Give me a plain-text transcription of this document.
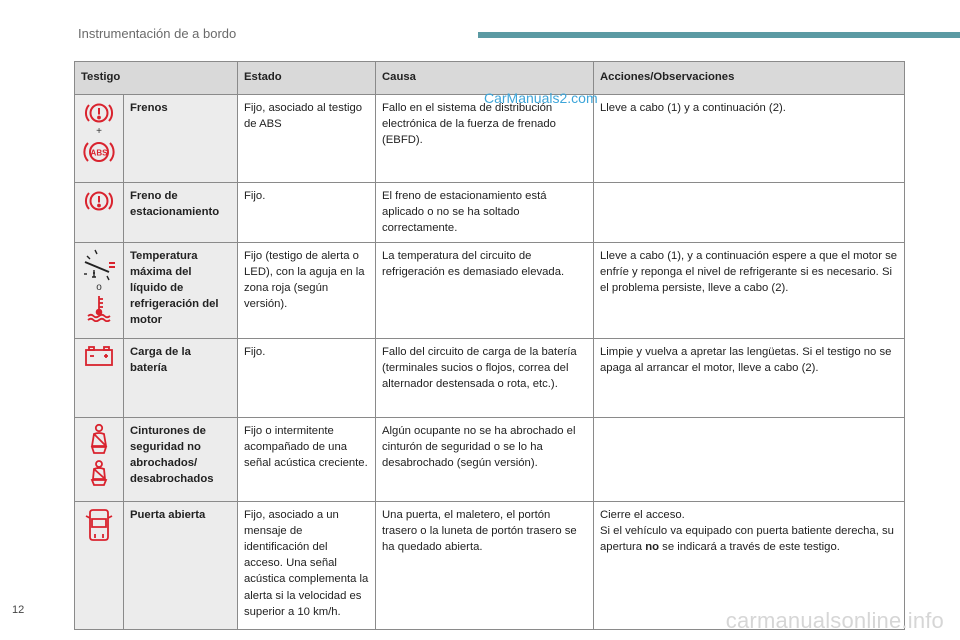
Instrumentación de a bordo
CarManuals2.com
Testigo		Estado	Causa	Acciones/Observaciones

+
ABS	Frenos	Fijo, asociado al testigo de ABS	Fallo en el sistema de distribución electrónica de la fuerza de frenado (EBFD).	Lleve a cabo (1) y a continuación (2).

	Freno de estacionamiento	Fijo.	El freno de estacionamiento está aplicado o no se ha soltado correctamente.	

o	Temperatura máxima del líquido de refrigeración del motor	Fijo (testigo de alerta o LED), con la aguja en la zona roja (según versión).	La temperatura del circuito de refrigeración es demasiado elevada.	Lleve a cabo (1), y a continuación espere a que el motor se enfríe y reponga el nivel de refrigerante si es necesario. Si el problema persiste, lleve a cabo (2).

	Carga de la batería	Fijo.	Fallo del circuito de carga de la batería (terminales sucios o flojos, correa del alternador destensada o rota, etc.).	Limpie y vuelva a apretar las lengüetas. Si el testigo no se apaga al arrancar el motor, lleve a cabo (2).

	Cinturones de seguridad no abrochados/ desabrochados	Fijo o intermitente acompañado de una señal acústica creciente.	Algún ocupante no se ha abrochado el cinturón de seguridad o se lo ha desabrochado (según versión).	

	Puerta abierta	Fijo, asociado a un mensaje de identificación del acceso. Una señal acústica complementa la alerta si la velocidad es superior a 10 km/h.	Una puerta, el maletero, el portón trasero o la luneta de portón trasero se ha quedado abierta.	Cierre el acceso.
Si el vehículo va equipado con puerta batiente derecha, su apertura no se indicará a través de este testigo.
12	carmanualsonline.info
